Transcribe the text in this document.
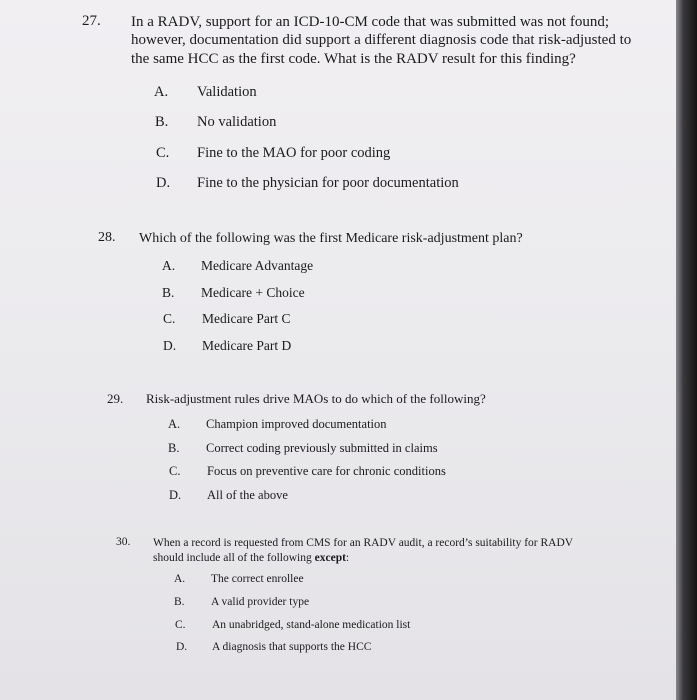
27. In a RADV, support for an ICD-10-CM code that was submitted was not found; however, documentation did support a different diagnosis code that risk-adjusted to the same HCC as the first code. What is the RADV result for this finding?
A. Validation
B. No validation
C. Fine to the MAO for poor coding
D. Fine to the physician for poor documentation
28. Which of the following was the first Medicare risk-adjustment plan?
A. Medicare Advantage
B. Medicare + Choice
C. Medicare Part C
D. Medicare Part D
29. Risk-adjustment rules drive MAOs to do which of the following?
A. Champion improved documentation
B. Correct coding previously submitted in claims
C. Focus on preventive care for chronic conditions
D. All of the above
30. When a record is requested from CMS for an RADV audit, a record’s suitability for RADV should include all of the following except:
A. The correct enrollee
B. A valid provider type
C. An unabridged, stand-alone medication list
D. A diagnosis that supports the HCC
